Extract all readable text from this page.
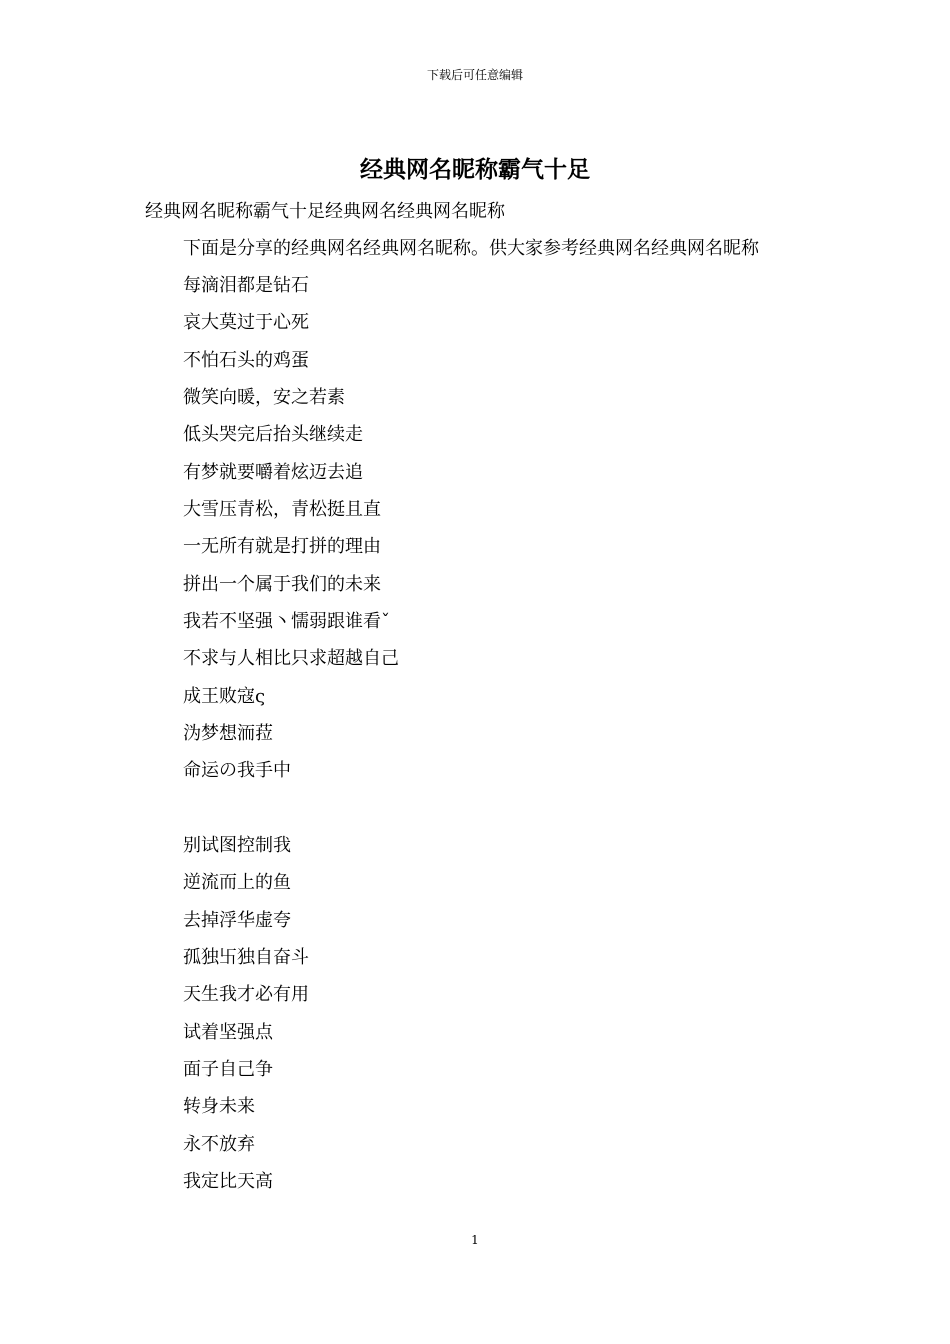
下载后可任意编辑
经典网名昵称霸气十足
经典网名昵称霸气十足经典网名经典网名昵称
下面是分享的经典网名经典网名昵称。供大家参考经典网名经典网名昵称
每滴泪都是钻石
哀大莫过于心死
不怕石头的鸡蛋
微笑向暖，安之若素
低头哭完后抬头继续走
有梦就要嚼着炫迈去追
大雪压青松，青松挺且直
一无所有就是打拼的理由
拼出一个属于我们的未来
我若不坚强丶懦弱跟谁看ˇ
不求与人相比只求超越自己
成王败寇ς
沩梦想洏菈
命运の我手中
别试图控制我
逆流而上的鱼
去掉浮华虚夸
孤独卐独自奋斗
天生我才必有用
试着坚强点
面子自己争
转身未来
永不放弃
我定比天高
1
